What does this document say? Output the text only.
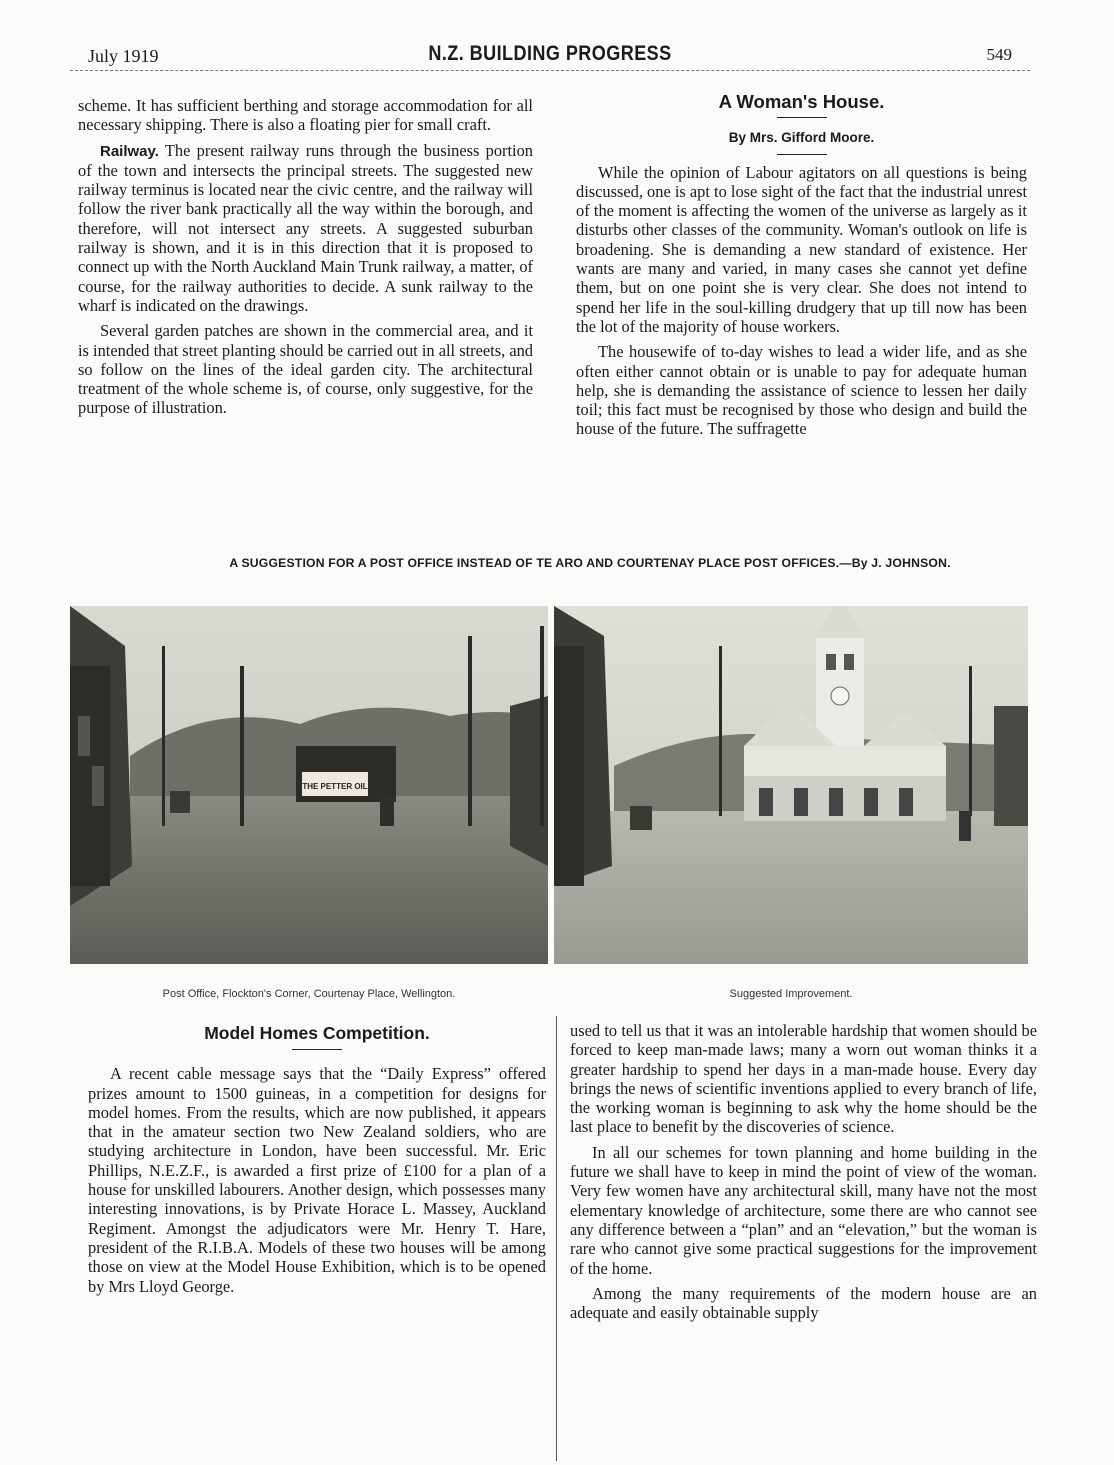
July 1919	N.Z. BUILDING PROGRESS	549

scheme. It has sufficient berthing and storage accommodation for all necessary shipping. There is also a floating pier for small craft.

Railway. The present railway runs through the business portion of the town and intersects the principal streets. The suggested new railway terminus is located near the civic centre, and the railway will follow the river bank practically all the way within the borough, and therefore, will not intersect any streets. A suggested suburban railway is shown, and it is in this direction that it is proposed to connect up with the North Auckland Main Trunk railway, a matter, of course, for the railway authorities to decide. A sunk railway to the wharf is indicated on the drawings.

Several garden patches are shown in the commercial area, and it is intended that street planting should be carried out in all streets, and so follow on the lines of the ideal garden city. The architectural treatment of the whole scheme is, of course, only suggestive, for the purpose of illustration.

A Woman's House.
By Mrs. Gifford Moore.

While the opinion of Labour agitators on all questions is being discussed, one is apt to lose sight of the fact that the industrial unrest of the moment is affecting the women of the universe as largely as it disturbs other classes of the community. Woman's outlook on life is broadening. She is demanding a new standard of existence. Her wants are many and varied, in many cases she cannot yet define them, but on one point she is very clear. She does not intend to spend her life in the soul-killing drudgery that up till now has been the lot of the majority of house workers.

The housewife of to-day wishes to lead a wider life, and as she often either cannot obtain or is unable to pay for adequate human help, she is demanding the assistance of science to lessen her daily toil; this fact must be recognised by those who design and build the house of the future. The suffragette

A SUGGESTION FOR A POST OFFICE INSTEAD OF TE ARO AND COURTENAY PLACE POST OFFICES.—By J. JOHNSON.
THE PETTER OIL
Post Office, Flockton's Corner, Courtenay Place, Wellington.	Suggested Improvement.
Model Homes Competition.

A recent cable message says that the “Daily Express” offered prizes amount to 1500 guineas, in a competition for designs for model homes. From the results, which are now published, it appears that in the amateur section two New Zealand soldiers, who are studying architecture in London, have been successful. Mr. Eric Phillips, N.E.Z.F., is awarded a first prize of £100 for a plan of a house for unskilled labourers. Another design, which possesses many interesting innovations, is by Private Horace L. Massey, Auckland Regiment. Amongst the adjudicators were Mr. Henry T. Hare, president of the R.I.B.A. Models of these two houses will be among those on view at the Model House Exhibition, which is to be opened by Mrs Lloyd George.

used to tell us that it was an intolerable hardship that women should be forced to keep man-made laws; many a worn out woman thinks it a greater hardship to spend her days in a man-made house. Every day brings the news of scientific inventions applied to every branch of life, the working woman is beginning to ask why the home should be the last place to benefit by the discoveries of science.

In all our schemes for town planning and home building in the future we shall have to keep in mind the point of view of the woman. Very few women have any architectural skill, many have not the most elementary knowledge of architecture, some there are who cannot see any difference between a “plan” and an “elevation,” but the woman is rare who cannot give some practical suggestions for the improvement of the home.

Among the many requirements of the modern house are an adequate and easily obtainable supply
